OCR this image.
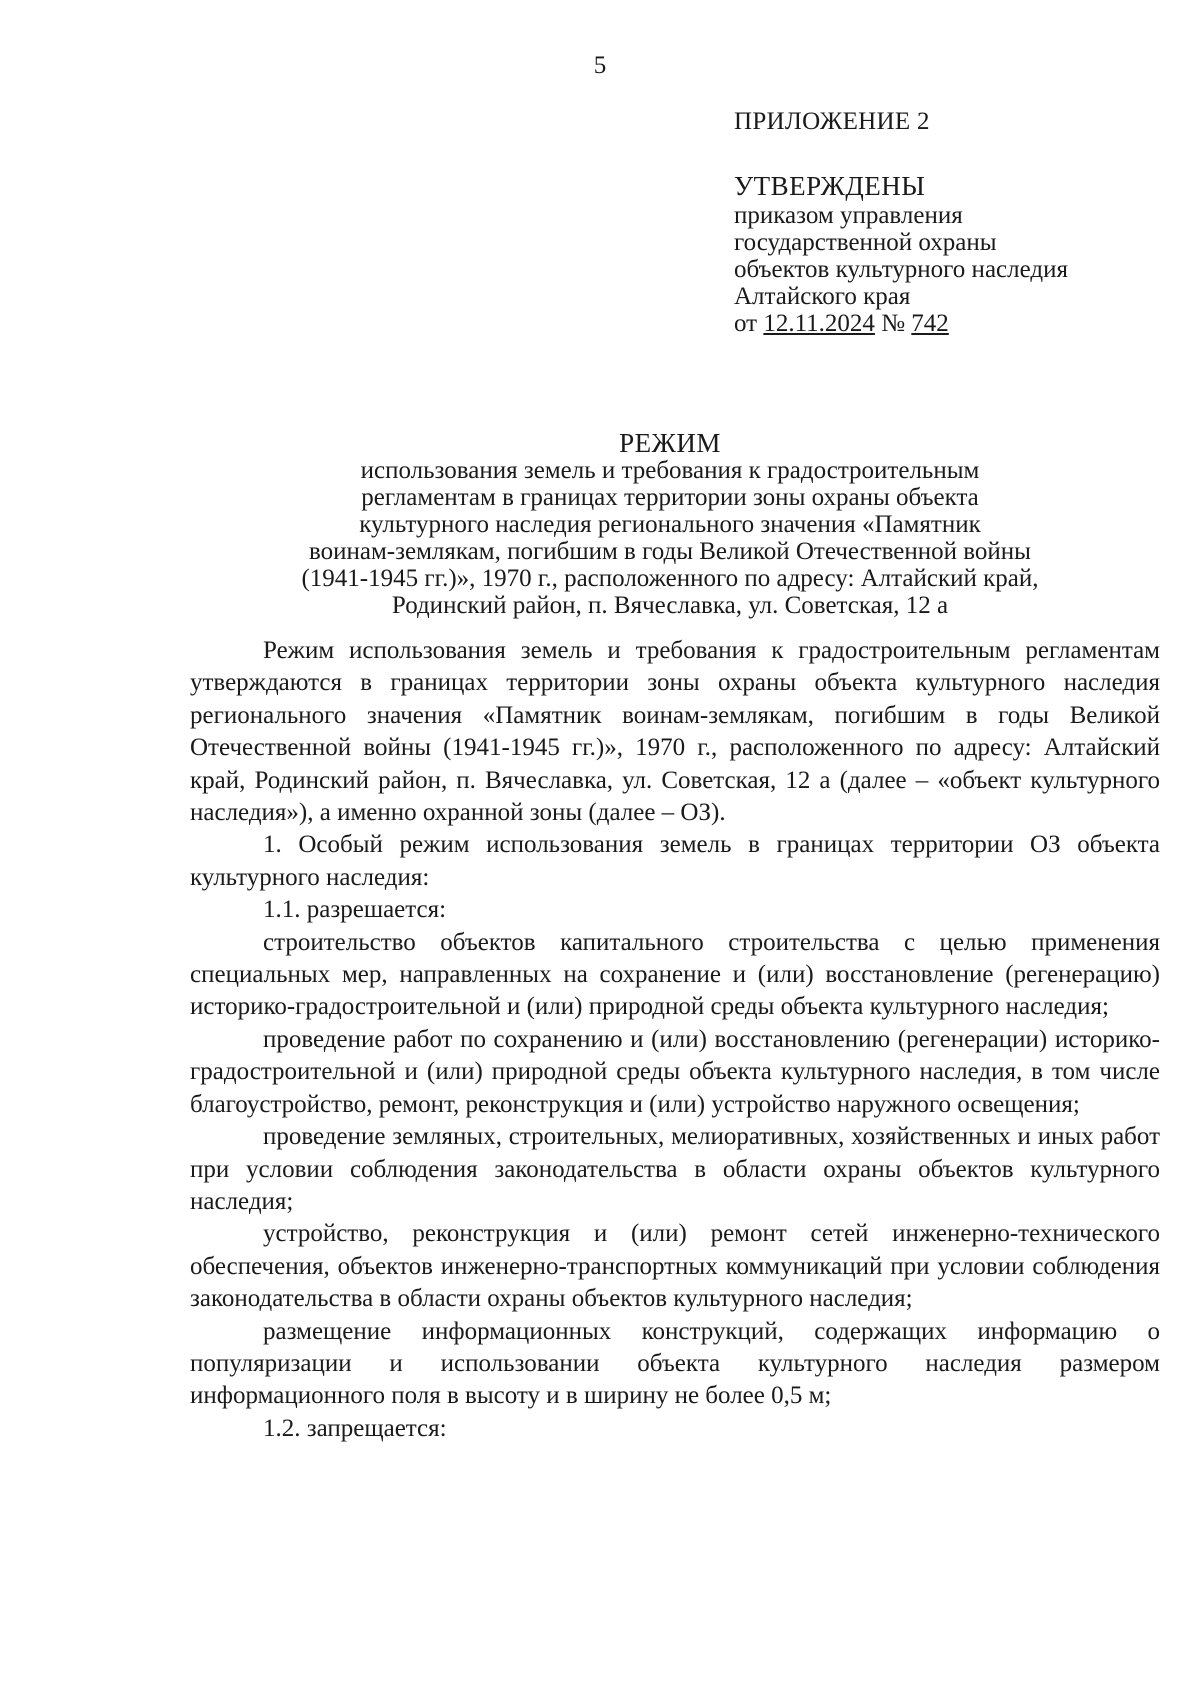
5
ПРИЛОЖЕНИЕ 2
УТВЕРЖДЕНЫ
приказом управления
государственной охраны
объектов культурного наследия
Алтайского края
от 12.11.2024 № 742
РЕЖИМ
использования земель и требования к градостроительным
регламентам в границах территории зоны охраны объекта
культурного наследия регионального значения «Памятник
воинам-землякам, погибшим в годы Великой Отечественной войны
(1941-1945 гг.)», 1970 г., расположенного по адресу: Алтайский край,
Родинский район, п. Вячеславка, ул. Советская, 12 а

Режим использования земель и требования к градостроительным регламентам утверждаются в границах территории зоны охраны объекта культурного наследия регионального значения «Памятник воинам-землякам, погибшим в годы Великой Отечественной войны (1941-1945 гг.)», 1970 г., расположенного по адресу: Алтайский край, Родинский район, п. Вячеславка, ул. Советская, 12 а (далее – «объект культурного наследия»), а именно охранной зоны (далее – ОЗ).

1. Особый режим использования земель в границах территории ОЗ объекта культурного наследия:

1.1. разрешается:

строительство объектов капитального строительства с целью применения специальных мер, направленных на сохранение и (или) восстановление (регенерацию) историко-градостроительной и (или) природной среды объекта культурного наследия;

проведение работ по сохранению и (или) восстановлению (регенерации) историко-градостроительной и (или) природной среды объекта культурного наследия, в том числе благоустройство, ремонт, реконструкция и (или) устройство наружного освещения;

проведение земляных, строительных, мелиоративных, хозяйственных и иных работ при условии соблюдения законодательства в области охраны объектов культурного наследия;

устройство, реконструкция и (или) ремонт сетей инженерно-технического обеспечения, объектов инженерно-транспортных коммуникаций при условии соблюдения законодательства в области охраны объектов культурного наследия;

размещение информационных конструкций, содержащих информацию о популяризации и использовании объекта культурного наследия размером информационного поля в высоту и в ширину не более 0,5 м;

1.2. запрещается:
